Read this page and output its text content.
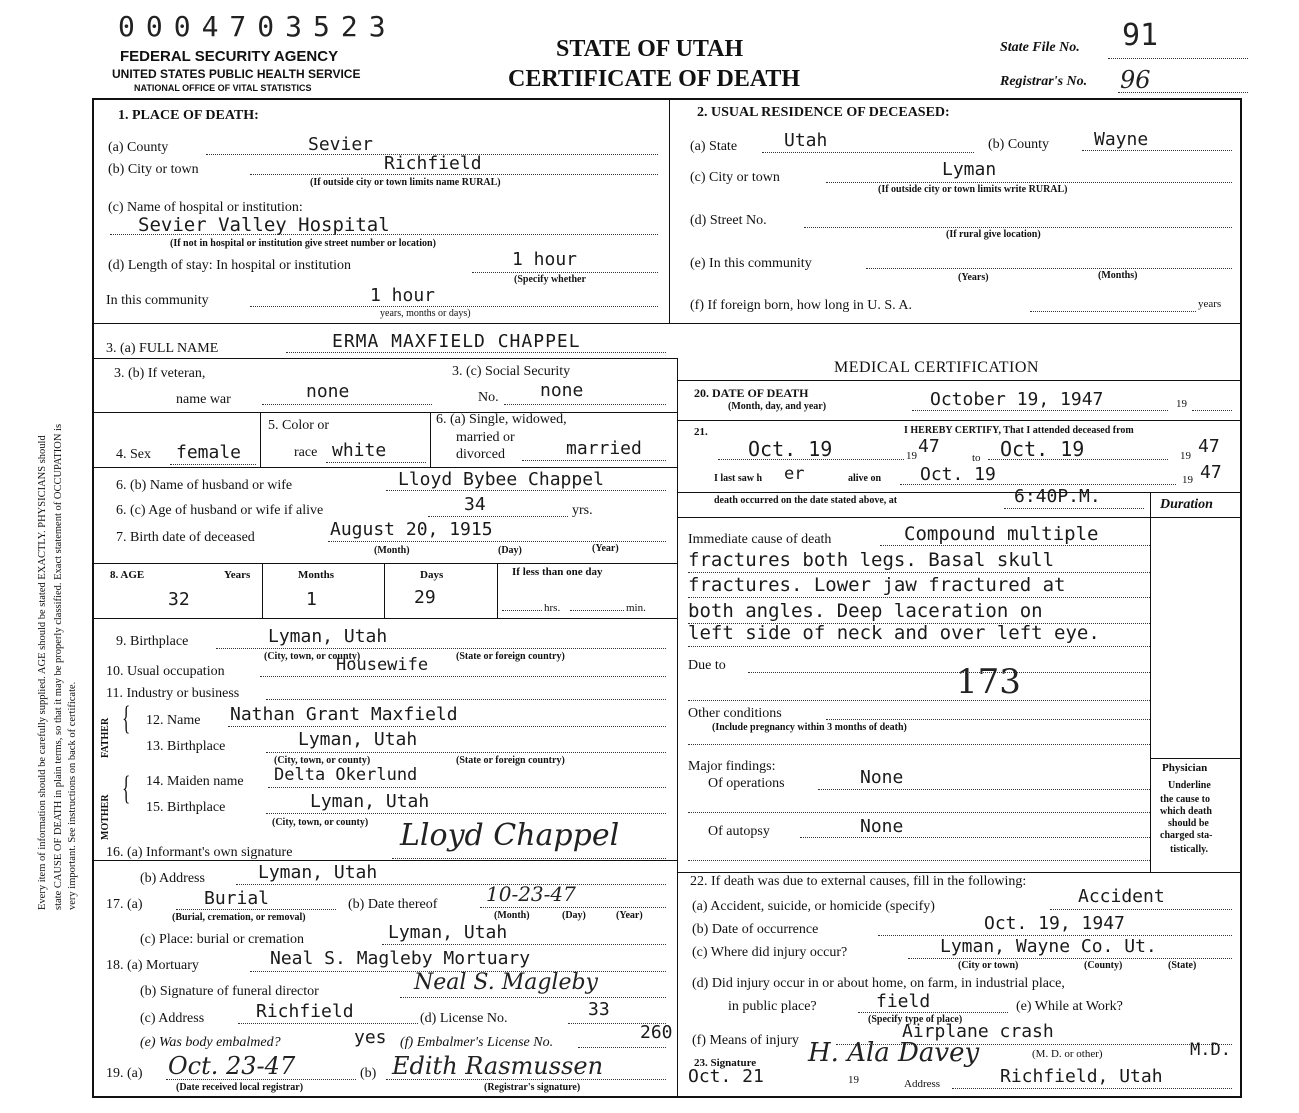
0004703523
FEDERAL SECURITY AGENCY
UNITED STATES PUBLIC HEALTH SERVICE
NATIONAL OFFICE OF VITAL STATISTICS
STATE OF UTAH
CERTIFICATE OF DEATH
State File No. 91
Registrar's No. 96
Every item of information should be carefully supplied. AGE should be stated EXACTLY. PHYSICIANS should state CAUSE OF DEATH in plain terms, so that it may be properly classified. Exact statement of OCCUPATION is very important. See instructions on back of certificate.
1. PLACE OF DEATH:
(a) County	Sevier
(b) City or town	Richfield
(If outside city or town limits name RURAL)
(c) Name of hospital or institution:
Sevier Valley Hospital
(If not in hospital or institution give street number or location)
(d) Length of stay: In hospital or institution	1 hour
(Specify whether
In this community	1 hour
years, months or days)
2. USUAL RESIDENCE OF DECEASED:
(a) State	Utah	(b) County Wayne
(c) City or town	Lyman
(If outside city or town limits write RURAL)
(d) Street No.
(If rural give location)
(e) In this community
(Years)	(Months)
(f) If foreign born, how long in U. S. A.	years
3. (a) FULL NAME	ERMA MAXFIELD CHAPPEL
3. (b) If veteran,
name war	none
3. (c) Social Security
No. none
4. Sex female
5. Color or
race white
6. (a) Single, widowed,
married or
divorced	married
6. (b) Name of husband or wife	Lloyd Bybee Chappel
6. (c) Age of husband or wife if alive	34	yrs.
7. Birth date of deceased	August 20, 1915
(Month)	(Day)	(Year)
8. AGE	Years	Months	Days	If less than one day
32	1	29	hrs.	min.
9. Birthplace	Lyman, Utah
(City, town, or county)	(State or foreign country)
10. Usual occupation	Housewife
11. Industry or business
FATHER
MOTHER
{
{
12. Name Nathan Grant Maxfield
13. Birthplace	Lyman, Utah
(City, town, or county)	(State or foreign country)
14. Maiden name Delta Okerlund
15. Birthplace	Lyman, Utah
(City, town, or county)
16. (a) Informant's own signature	Lloyd Chappel
(b) Address	Lyman, Utah
17. (a)	Burial
(Burial, cremation, or removal)
(b) Date thereof 10-23-47
(Month)	(Day)	(Year)
(c) Place: burial or cremation	Lyman, Utah
18. (a) Mortuary	Neal S. Magleby Mortuary
(b) Signature of funeral director	Neal S. Magleby
(c) Address	Richfield	(d) License No.	33
(e) Was body embalmed?	yes (f) Embalmer's License No.	260
19. (a) Oct. 23-47
(Date received local registrar)
(b) Edith Rasmussen
(Registrar's signature)
MEDICAL CERTIFICATION
20. DATE OF DEATH
(Month, day, and year)	October 19, 1947	19
21.	I HEREBY CERTIFY, That I attended deceased from
Oct. 19	19 47
to Oct. 19	19 47
I last saw h er	alive on Oct. 19	19 47
death occurred on the date stated above, at	6:40P.M.	Duration
Immediate cause of death	Compound multiple
fractures both legs. Basal skull
fractures. Lower jaw fractured at
both angles. Deep laceration on
left side of neck and over left eye.
Due to	173
Other conditions
(Include pregnancy within 3 months of death)
Major findings:
Of operations	None
Of autopsy	None
Physician
Underline
the cause to
which death
should be
charged sta-
tistically.
22. If death was due to external causes, fill in the following:
(a) Accident, suicide, or homicide (specify)	Accident
(b) Date of occurrence	Oct. 19, 1947
(c) Where did injury occur?	Lyman, Wayne Co. Ut.
(City or town)	(County)	(State)
(d) Did injury occur in or about home, on farm, in industrial place,
in public place?	field
(Specify type of place)
(e) While at Work?
(f) Means of injury	Airplane crash
23. Signature H. Ala Davey	(M. D. or other)	M.D.
Oct. 21	19	Address	Richfield, Utah
